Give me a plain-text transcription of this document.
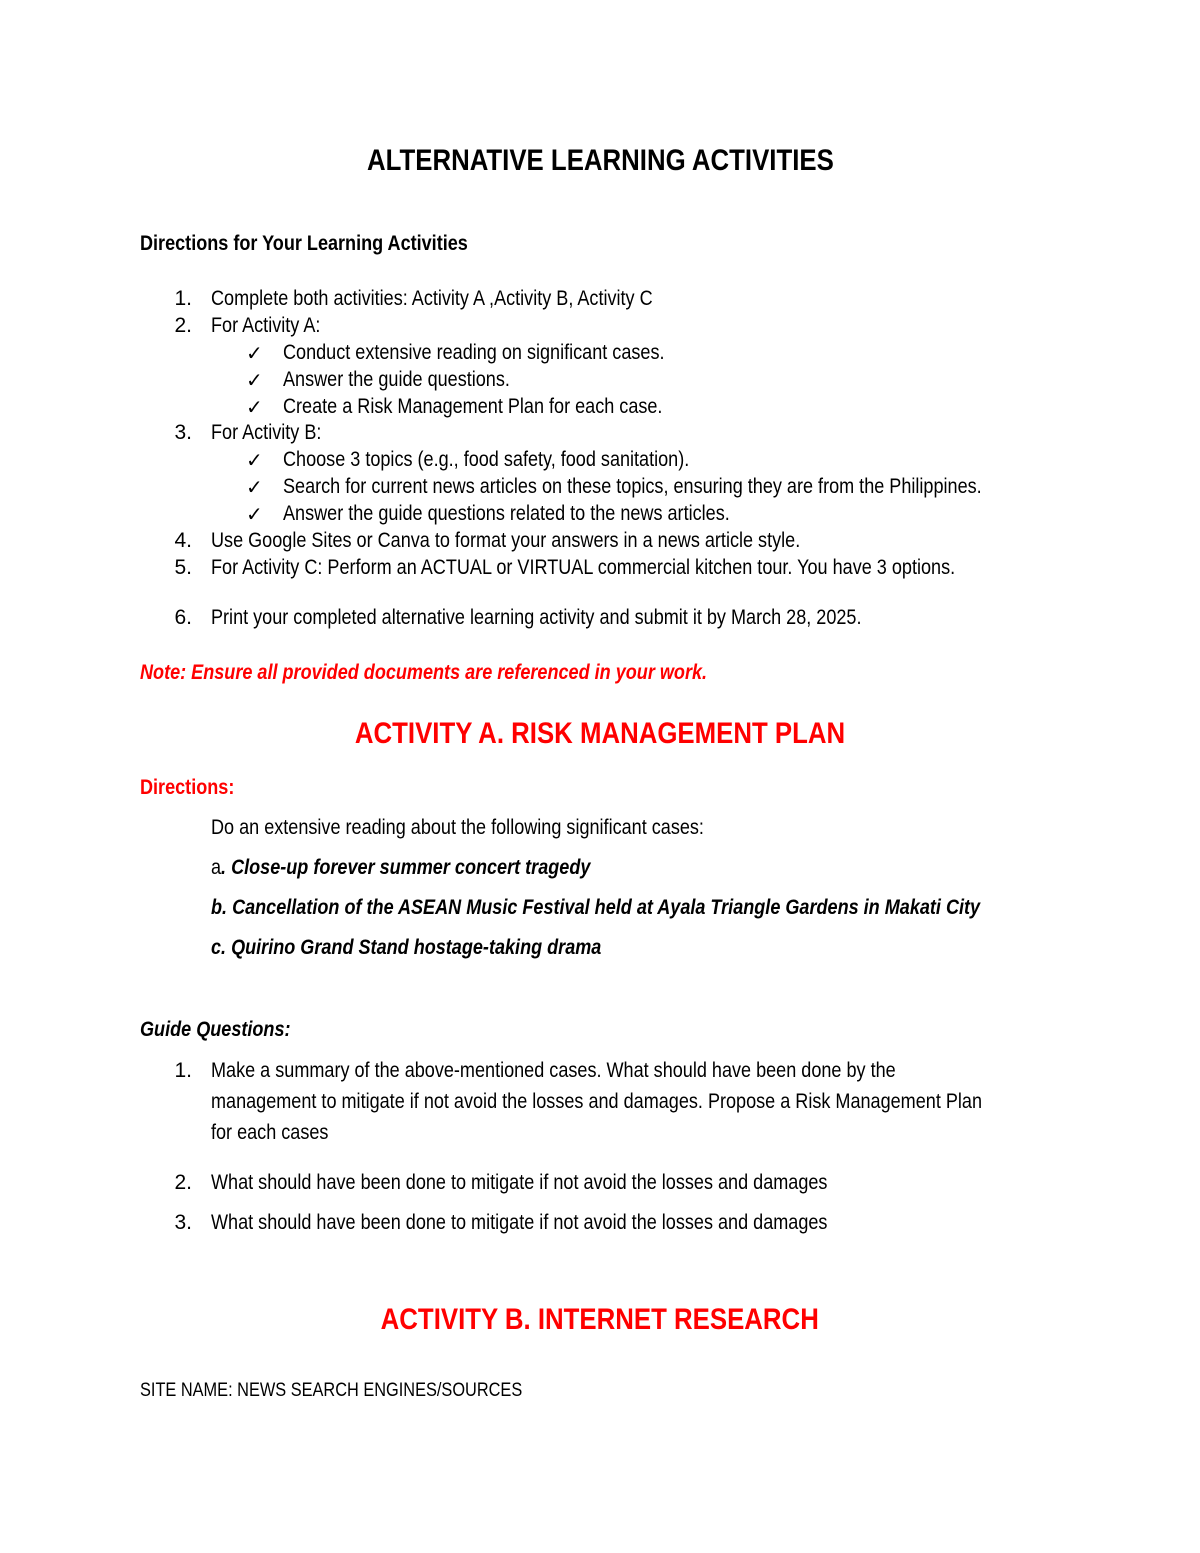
ALTERNATIVE LEARNING ACTIVITIES
Directions for Your Learning Activities
1. Complete both activities: Activity A ,Activity B, Activity C
2. For Activity A:
✓ Conduct extensive reading on significant cases.
✓ Answer the guide questions.
✓ Create a Risk Management Plan for each case.
3. For Activity B:
✓ Choose 3 topics (e.g., food safety, food sanitation).
✓ Search for current news articles on these topics, ensuring they are from the Philippines.
✓ Answer the guide questions related to the news articles.
4. Use Google Sites or Canva to format your answers in a news article style.
5. For Activity C: Perform an ACTUAL or VIRTUAL commercial kitchen tour. You have 3 options.
6. Print your completed alternative learning activity and submit it by March 28, 2025.
Note: Ensure all provided documents are referenced in your work.
ACTIVITY A. RISK MANAGEMENT PLAN
Directions:
Do an extensive reading about the following significant cases:
a. Close-up forever summer concert tragedy
b. Cancellation of the ASEAN Music Festival held at Ayala Triangle Gardens in Makati City
c. Quirino Grand Stand hostage-taking drama
Guide Questions:
1. Make a summary of the above-mentioned cases. What should have been done by the
management to mitigate if not avoid the losses and damages. Propose a Risk Management Plan
for each cases
2. What should have been done to mitigate if not avoid the losses and damages
3. What should have been done to mitigate if not avoid the losses and damages
ACTIVITY B. INTERNET RESEARCH
SITE NAME: NEWS SEARCH ENGINES/SOURCES
